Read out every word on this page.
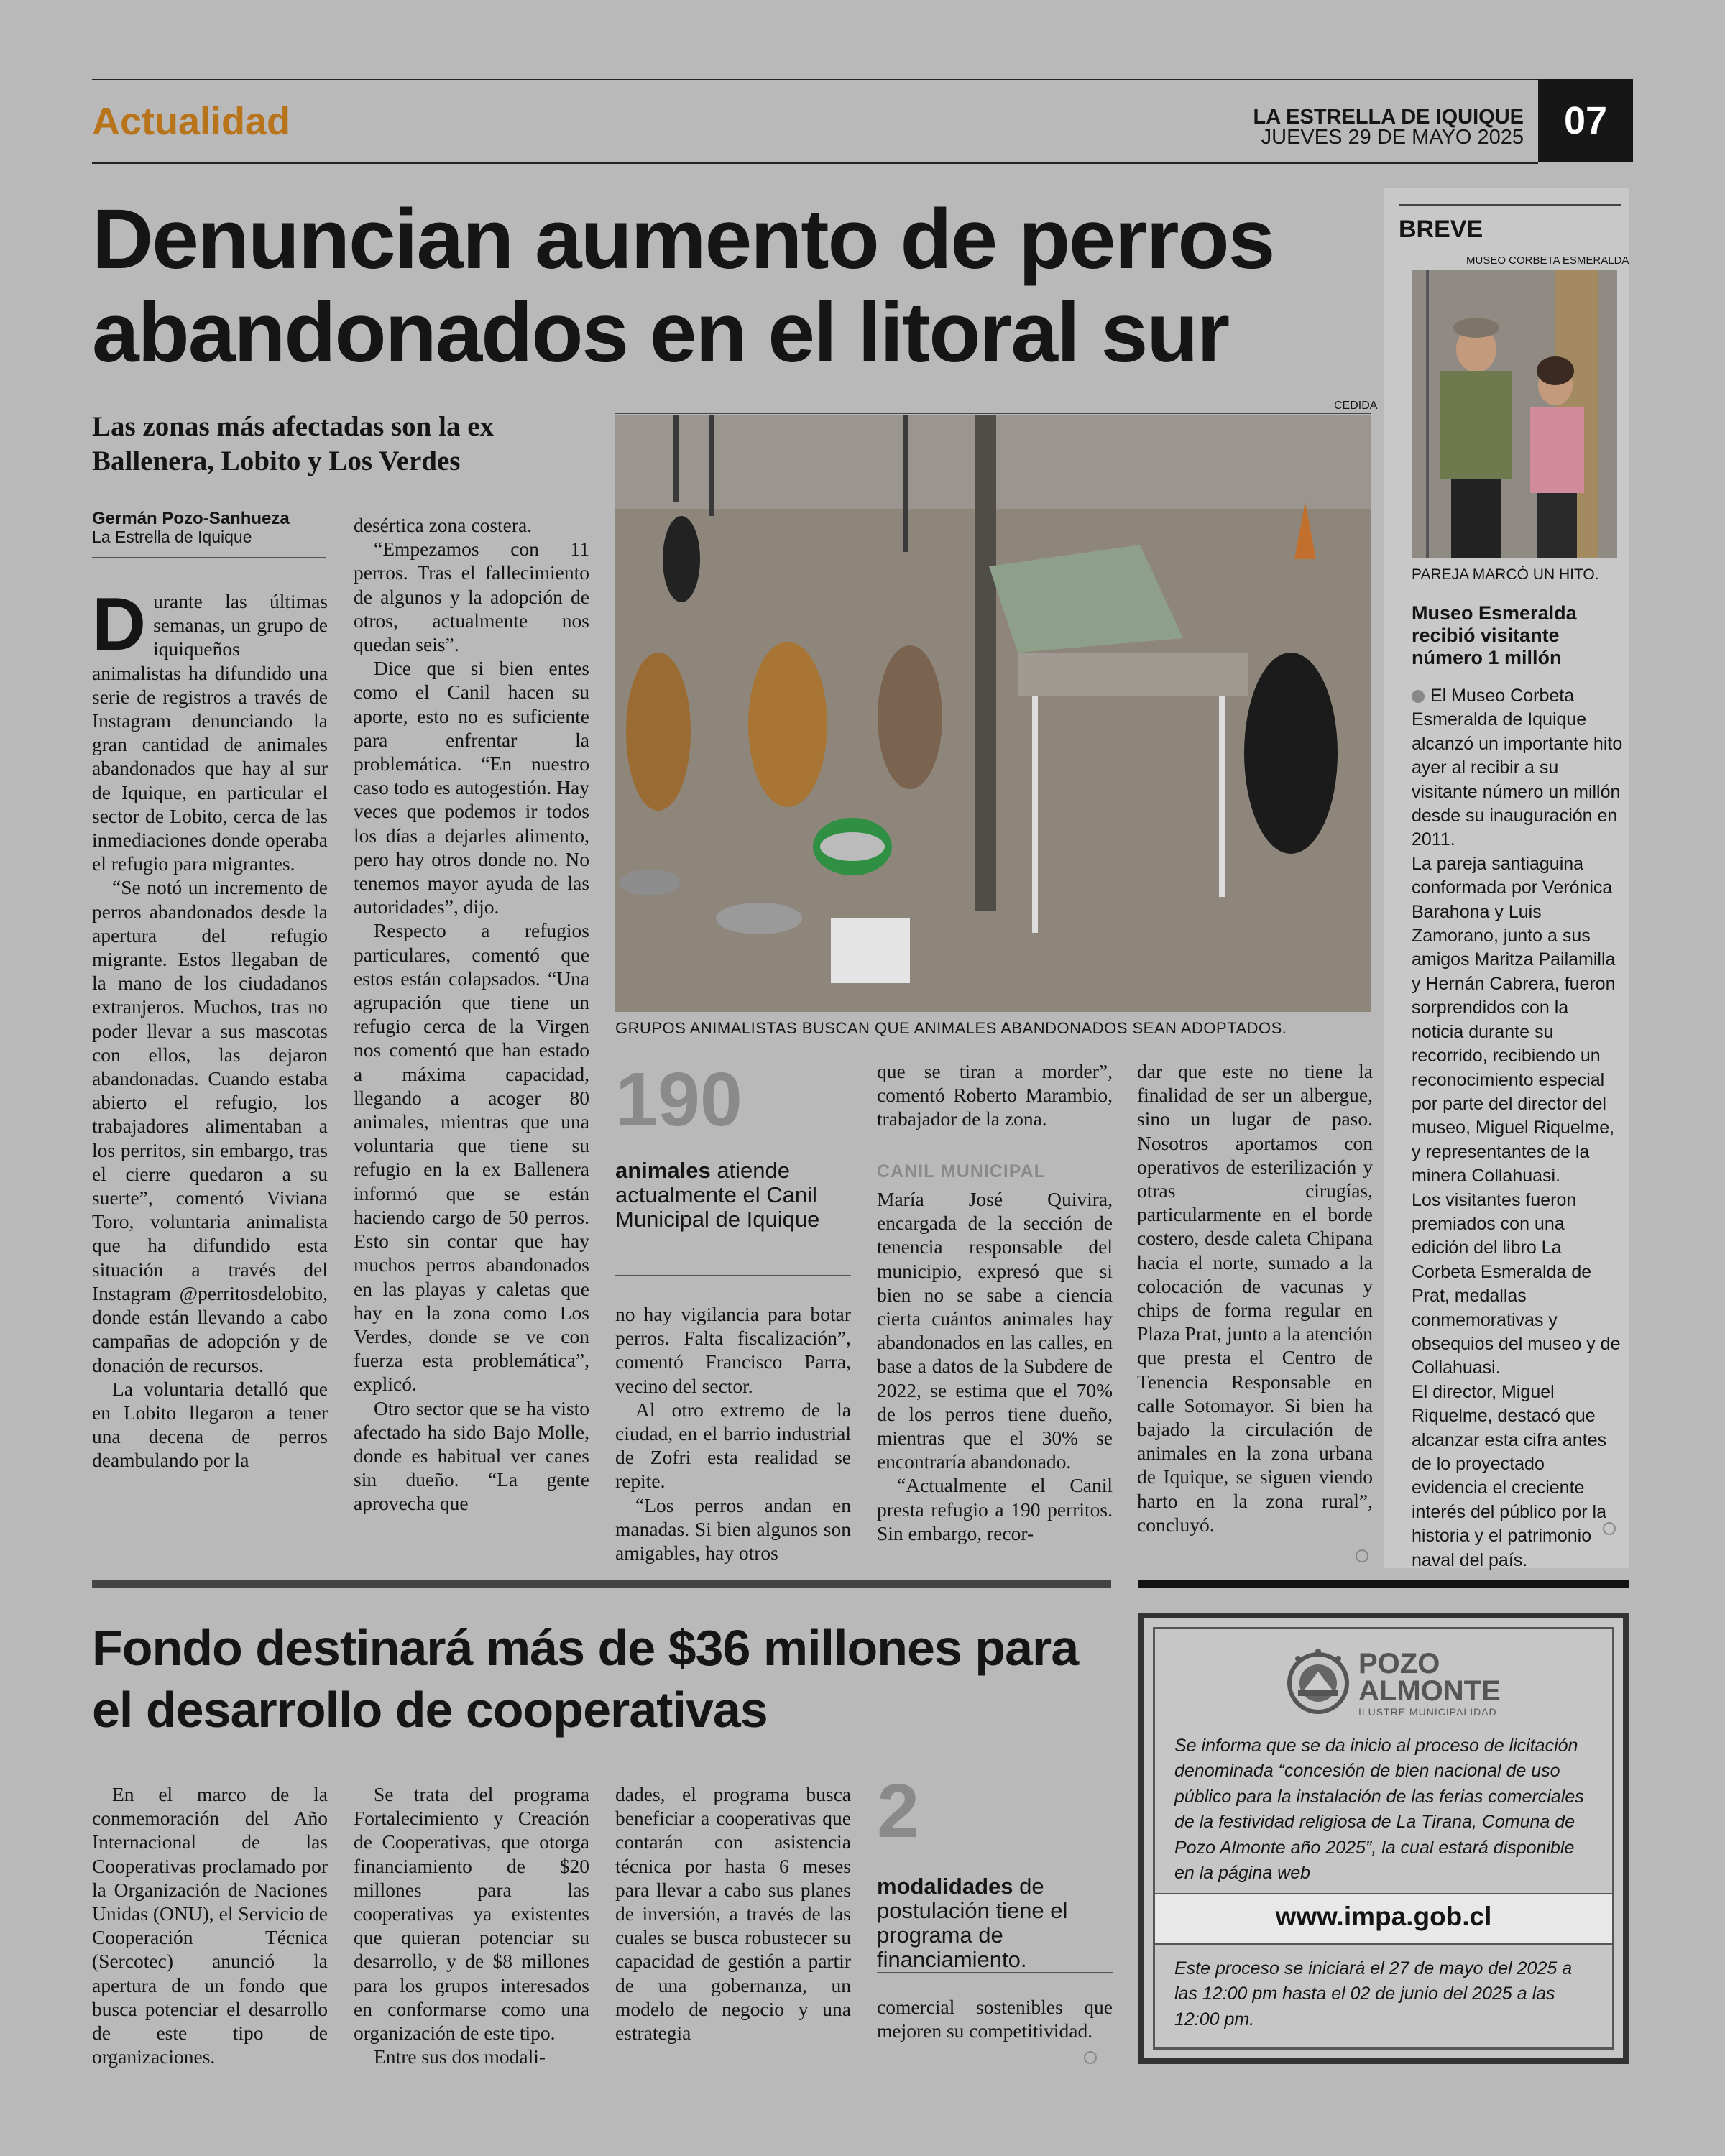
Actualidad	LA ESTRELLA DE IQUIQUE
JUEVES 29 DE MAYO 2025	07
Denuncian aumento de perros abandonados en el litoral sur
Las zonas más afectadas son la ex Ballenera, Lobito y Los Verdes
Germán Pozo-Sanhueza
La Estrella de Iquique

Durante las últimas semanas, un grupo de iquiqueños animalistas ha difundido una serie de registros a través de Instagram denunciando la gran cantidad de animales abandonados que hay al sur de Iquique, en particular el sector de Lobito, cerca de las inmediaciones donde operaba el refugio para migrantes.

“Se notó un incremento de perros abandonados desde la apertura del refugio migrante. Estos llegaban de la mano de los ciudadanos extranjeros. Muchos, tras no poder llevar a sus mascotas con ellos, las dejaron abandonadas. Cuando estaba abierto el refugio, los trabajadores alimentaban a los perritos, sin embargo, tras el cierre quedaron a su suerte”, comentó Viviana Toro, voluntaria animalista que ha difundido esta situación a través del Instagram @perritosdelobito, donde están llevando a cabo campañas de adopción y de donación de recursos.

La voluntaria detalló que en Lobito llegaron a tener una decena de perros deambulando por la

desértica zona costera.

“Empezamos con 11 perros. Tras el fallecimiento de algunos y la adopción de otros, actualmente nos quedan seis”.

Dice que si bien entes como el Canil hacen su aporte, esto no es suficiente para enfrentar la problemática. “En nuestro caso todo es autogestión. Hay veces que podemos ir todos los días a dejarles alimento, pero hay otros donde no. No tenemos mayor ayuda de las autoridades”, dijo.

Respecto a refugios particulares, comentó que estos están colapsados. “Una agrupación que tiene un refugio cerca de la Virgen nos comentó que han estado a máxima capacidad, llegando a acoger 80 animales, mientras que una voluntaria que tiene su refugio en la ex Ballenera informó que se están haciendo cargo de 50 perros. Esto sin contar que hay muchos perros abandonados en las playas y caletas que hay en la zona como Los Verdes, donde se ve con fuerza esta problemática”, explicó.

Otro sector que se ha visto afectado ha sido Bajo Molle, donde es habitual ver canes sin dueño. “La gente aprovecha que

CEDIDA
GRUPOS ANIMALISTAS BUSCAN QUE ANIMALES ABANDONADOS SEAN ADOPTADOS.
190
animales atiende actualmente el Canil Municipal de Iquique

no hay vigilancia para botar perros. Falta fiscalización”, comentó Francisco Parra, vecino del sector.

Al otro extremo de la ciudad, en el barrio industrial de Zofri esta realidad se repite.

“Los perros andan en manadas. Si bien algunos son amigables, hay otros

que se tiran a morder”, comentó Roberto Marambio, trabajador de la zona.

CANIL MUNICIPAL

María José Quivira, encargada de la sección de tenencia responsable del municipio, expresó que si bien no se sabe a ciencia cierta cuántos animales hay abandonados en las calles, en base a datos de la Subdere de 2022, se estima que el 70% de los perros tiene dueño, mientras que el 30% se encontraría abandonado.

“Actualmente el Canil presta refugio a 190 perritos. Sin embargo, recor-

dar que este no tiene la finalidad de ser un albergue, sino un lugar de paso. Nosotros aportamos con operativos de esterilización y otras cirugías, particularmente en el borde costero, desde caleta Chipana hacia el norte, sumado a la colocación de vacunas y chips de forma regular en Plaza Prat, junto a la atención que presta el Centro de Tenencia Responsable en calle Sotomayor. Si bien ha bajado la circulación de animales en la zona urbana de Iquique, se siguen viendo harto en la zona rural”, concluyó.

BREVE
MUSEO CORBETA ESMERALDA
PAREJA MARCÓ UN HITO.
Museo Esmeralda recibió visitante número 1 millón

El Museo Corbeta Esmeralda de Iquique alcanzó un importante hito ayer al recibir a su visitante número un millón desde su inauguración en 2011.

La pareja santiaguina conformada por Verónica Barahona y Luis Zamorano, junto a sus amigos Maritza Pailamilla y Hernán Cabrera, fueron sorprendidos con la noticia durante su recorrido, recibiendo un reconocimiento especial por parte del director del museo, Miguel Riquelme, y representantes de la minera Collahuasi.

Los visitantes fueron premiados con una edición del libro La Corbeta Esmeralda de Prat, medallas conmemorativas y obsequios del museo y de Collahuasi.

El director, Miguel Riquelme, destacó que alcanzar esta cifra antes de lo proyectado evidencia el creciente interés del público por la historia y el patrimonio naval del país.

Fondo destinará más de $36 millones para el desarrollo de cooperativas

En el marco de la conmemoración del Año Internacional de las Cooperativas proclamado por la Organización de Naciones Unidas (ONU), el Servicio de Cooperación Técnica (Sercotec) anunció la apertura de un fondo que busca potenciar el desarrollo de este tipo de organizaciones.

Se trata del programa Fortalecimiento y Creación de Cooperativas, que otorga financiamiento de $20 millones para las cooperativas ya existentes que quieran potenciar su desarrollo, y de $8 millones para los grupos interesados en conformarse como una organización de este tipo.

Entre sus dos modali-

dades, el programa busca beneficiar a cooperativas que contarán con asistencia técnica por hasta 6 meses para llevar a cabo sus planes de inversión, a través de las cuales se busca robustecer su capacidad de gestión a partir de una gobernanza, un modelo de negocio y una estrategia

2
modalidades de postulación tiene el programa de financiamiento.

comercial sostenibles que mejoren su competitividad.

POZO
ALMONTE
ILUSTRE MUNICIPALIDAD
Se informa que se da inicio al proceso de licitación denominada “concesión de bien nacional de uso público para la instalación de las ferias comerciales de la festividad religiosa de La Tirana, Comuna de Pozo Almonte año 2025”, la cual estará disponible en la página web
www.impa.gob.cl
Este proceso se iniciará el 27 de mayo del 2025 a las 12:00 pm hasta el 02 de junio del 2025 a las 12:00 pm.
